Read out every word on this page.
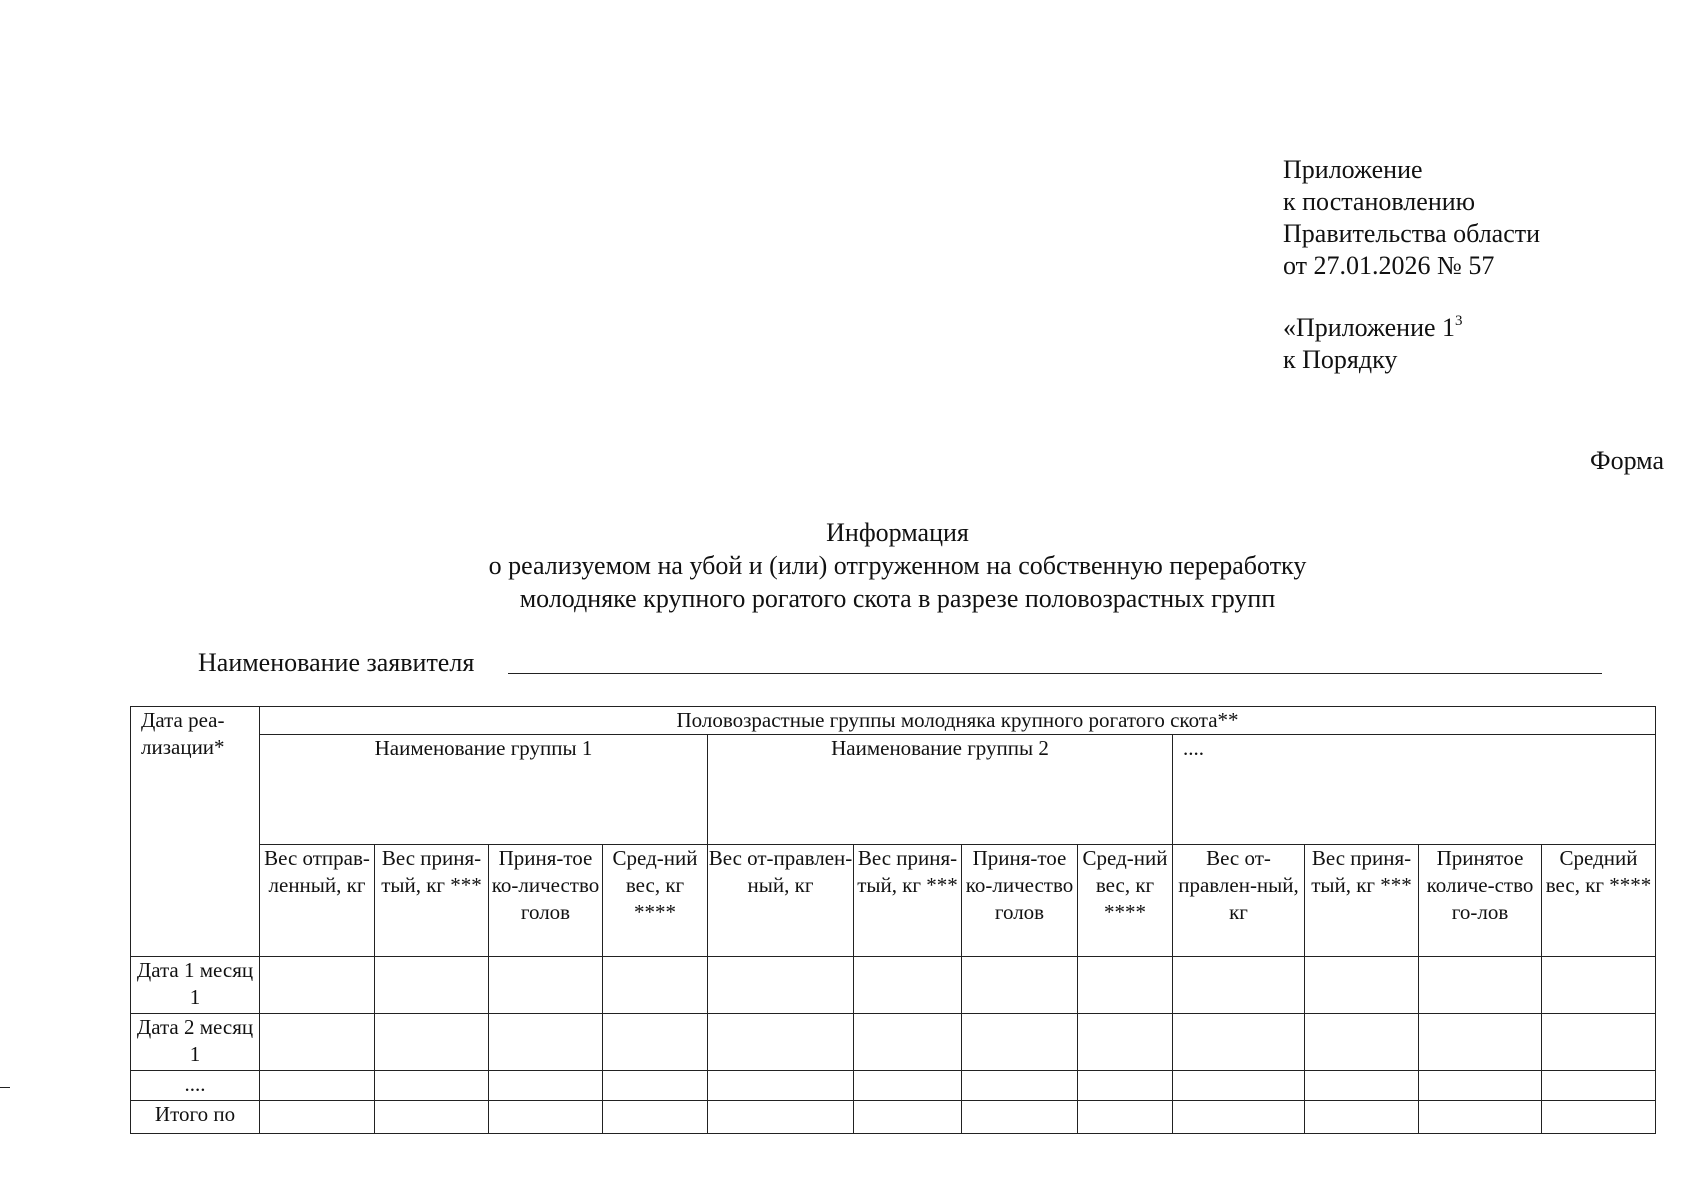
Приложение
к постановлению
Правительства области
от 27.01.2026 № 57
«Приложение $1^3$
к Порядку
Форма
Информация
о реализуемом на убой и (или) отгруженном на собственную переработку
молодняке крупного рогатого скота в разрезе половозрастных групп
Наименование заявителя
Дата реа-лизации*	Половозрастные группы молодняка крупного рогатого скота**											
	Наименование группы 1				Наименование группы 2				....			
	Вес отправ-ленный, кг	Вес приня-тый, кг ***	Приня-тое ко-личество голов	Сред-ний вес, кг ****	Вес от-правлен-ный, кг	Вес приня-тый, кг ***	Приня-тое ко-личество голов	Сред-ний вес, кг ****	Вес от-правлен-ный, кг	Вес приня-тый, кг ***	Принятое количе-ство го-лов	Средний вес, кг ****
Дата 1 месяц 1												
Дата 2 месяц 1												
....												
Итого по												
